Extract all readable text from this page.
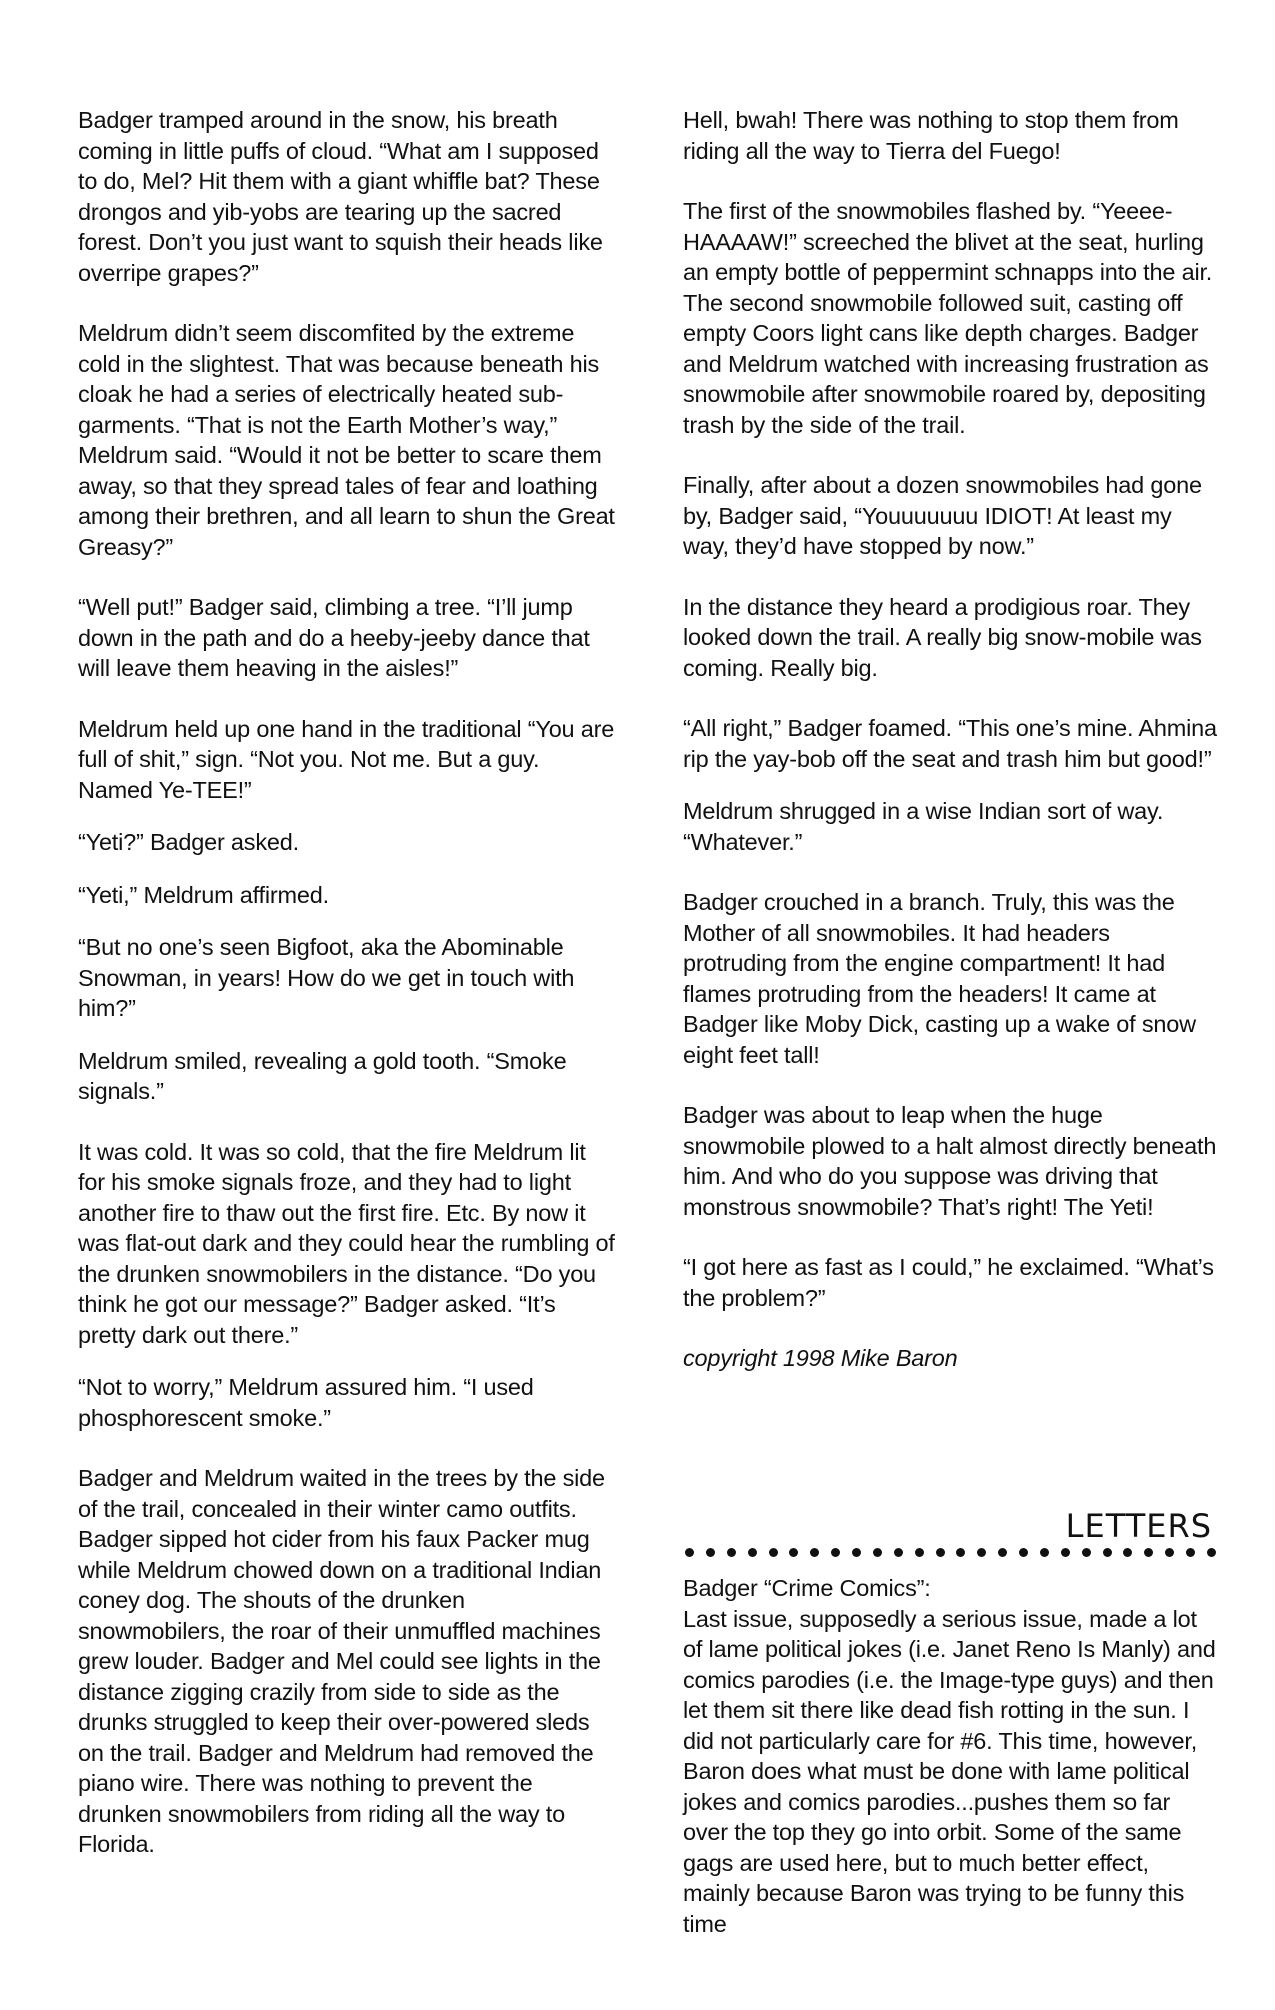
Badger tramped around in the snow, his breath coming in little puffs of cloud. “What am I supposed to do, Mel? Hit them with a giant whiffle bat? These drongos and yib-yobs are tearing up the sacred forest. Don’t you just want to squish their heads like overripe grapes?”

Meldrum didn’t seem discomfited by the extreme cold in the slightest. That was because beneath his cloak he had a series of electrically heated sub-garments. “That is not the Earth Mother’s way,” Meldrum said. “Would it not be better to scare them away, so that they spread tales of fear and loathing among their brethren, and all learn to shun the Great Greasy?”

“Well put!” Badger said, climbing a tree. “I’ll jump down in the path and do a heeby-jeeby dance that will leave them heaving in the aisles!”

Meldrum held up one hand in the traditional “You are full of shit,” sign. “Not you. Not me. But a guy. Named Ye-TEE!”

“Yeti?” Badger asked.

“Yeti,” Meldrum affirmed.

“But no one’s seen Bigfoot, aka the Abominable Snowman, in years! How do we get in touch with him?”

Meldrum smiled, revealing a gold tooth. “Smoke signals.”

It was cold. It was so cold, that the fire Meldrum lit for his smoke signals froze, and they had to light another fire to thaw out the first fire. Etc. By now it was flat-out dark and they could hear the rumbling of the drunken snowmobilers in the distance. “Do you think he got our message?” Badger asked. “It’s pretty dark out there.”

“Not to worry,” Meldrum assured him. “I used phosphorescent smoke.”

Badger and Meldrum waited in the trees by the side of the trail, concealed in their winter camo outfits. Badger sipped hot cider from his faux Packer mug while Meldrum chowed down on a traditional Indian coney dog. The shouts of the drunken snowmobilers, the roar of their unmuffled machines grew louder. Badger and Mel could see lights in the distance zigging crazily from side to side as the drunks struggled to keep their over-powered sleds on the trail. Badger and Meldrum had removed the piano wire. There was nothing to prevent the drunken snowmobilers from riding all the way to Florida.

Hell, bwah! There was nothing to stop them from riding all the way to Tierra del Fuego!

The first of the snowmobiles flashed by. “Yeeee-HAAAAW!” screeched the blivet at the seat, hurling an empty bottle of peppermint schnapps into the air. The second snowmobile followed suit, casting off empty Coors light cans like depth charges. Badger and Meldrum watched with increasing frustration as snowmobile after snowmobile roared by, depositing trash by the side of the trail.

Finally, after about a dozen snowmobiles had gone by, Badger said, “Youuuuuuu IDIOT! At least my way, they’d have stopped by now.”

In the distance they heard a prodigious roar. They looked down the trail. A really big snow-mobile was coming. Really big.

“All right,” Badger foamed. “This one’s mine. Ahmina rip the yay-bob off the seat and trash him but good!”

Meldrum shrugged in a wise Indian sort of way. “Whatever.”

Badger crouched in a branch. Truly, this was the Mother of all snowmobiles. It had headers protruding from the engine compartment! It had flames protruding from the headers! It came at Badger like Moby Dick, casting up a wake of snow eight feet tall!

Badger was about to leap when the huge snowmobile plowed to a halt almost directly beneath him. And who do you suppose was driving that monstrous snowmobile? That’s right! The Yeti!

“I got here as fast as I could,” he exclaimed. “What’s the problem?”

copyright 1998 Mike Baron

LETTERS

Badger “Crime Comics”:

Last issue, supposedly a serious issue, made a lot of lame political jokes (i.e. Janet Reno Is Manly) and comics parodies (i.e. the Image-type guys) and then let them sit there like dead fish rotting in the sun. I did not particularly care for #6. This time, however, Baron does what must be done with lame political jokes and comics parodies...pushes them so far over the top they go into orbit. Some of the same gags are used here, but to much better effect, mainly because Baron was trying to be funny this time
